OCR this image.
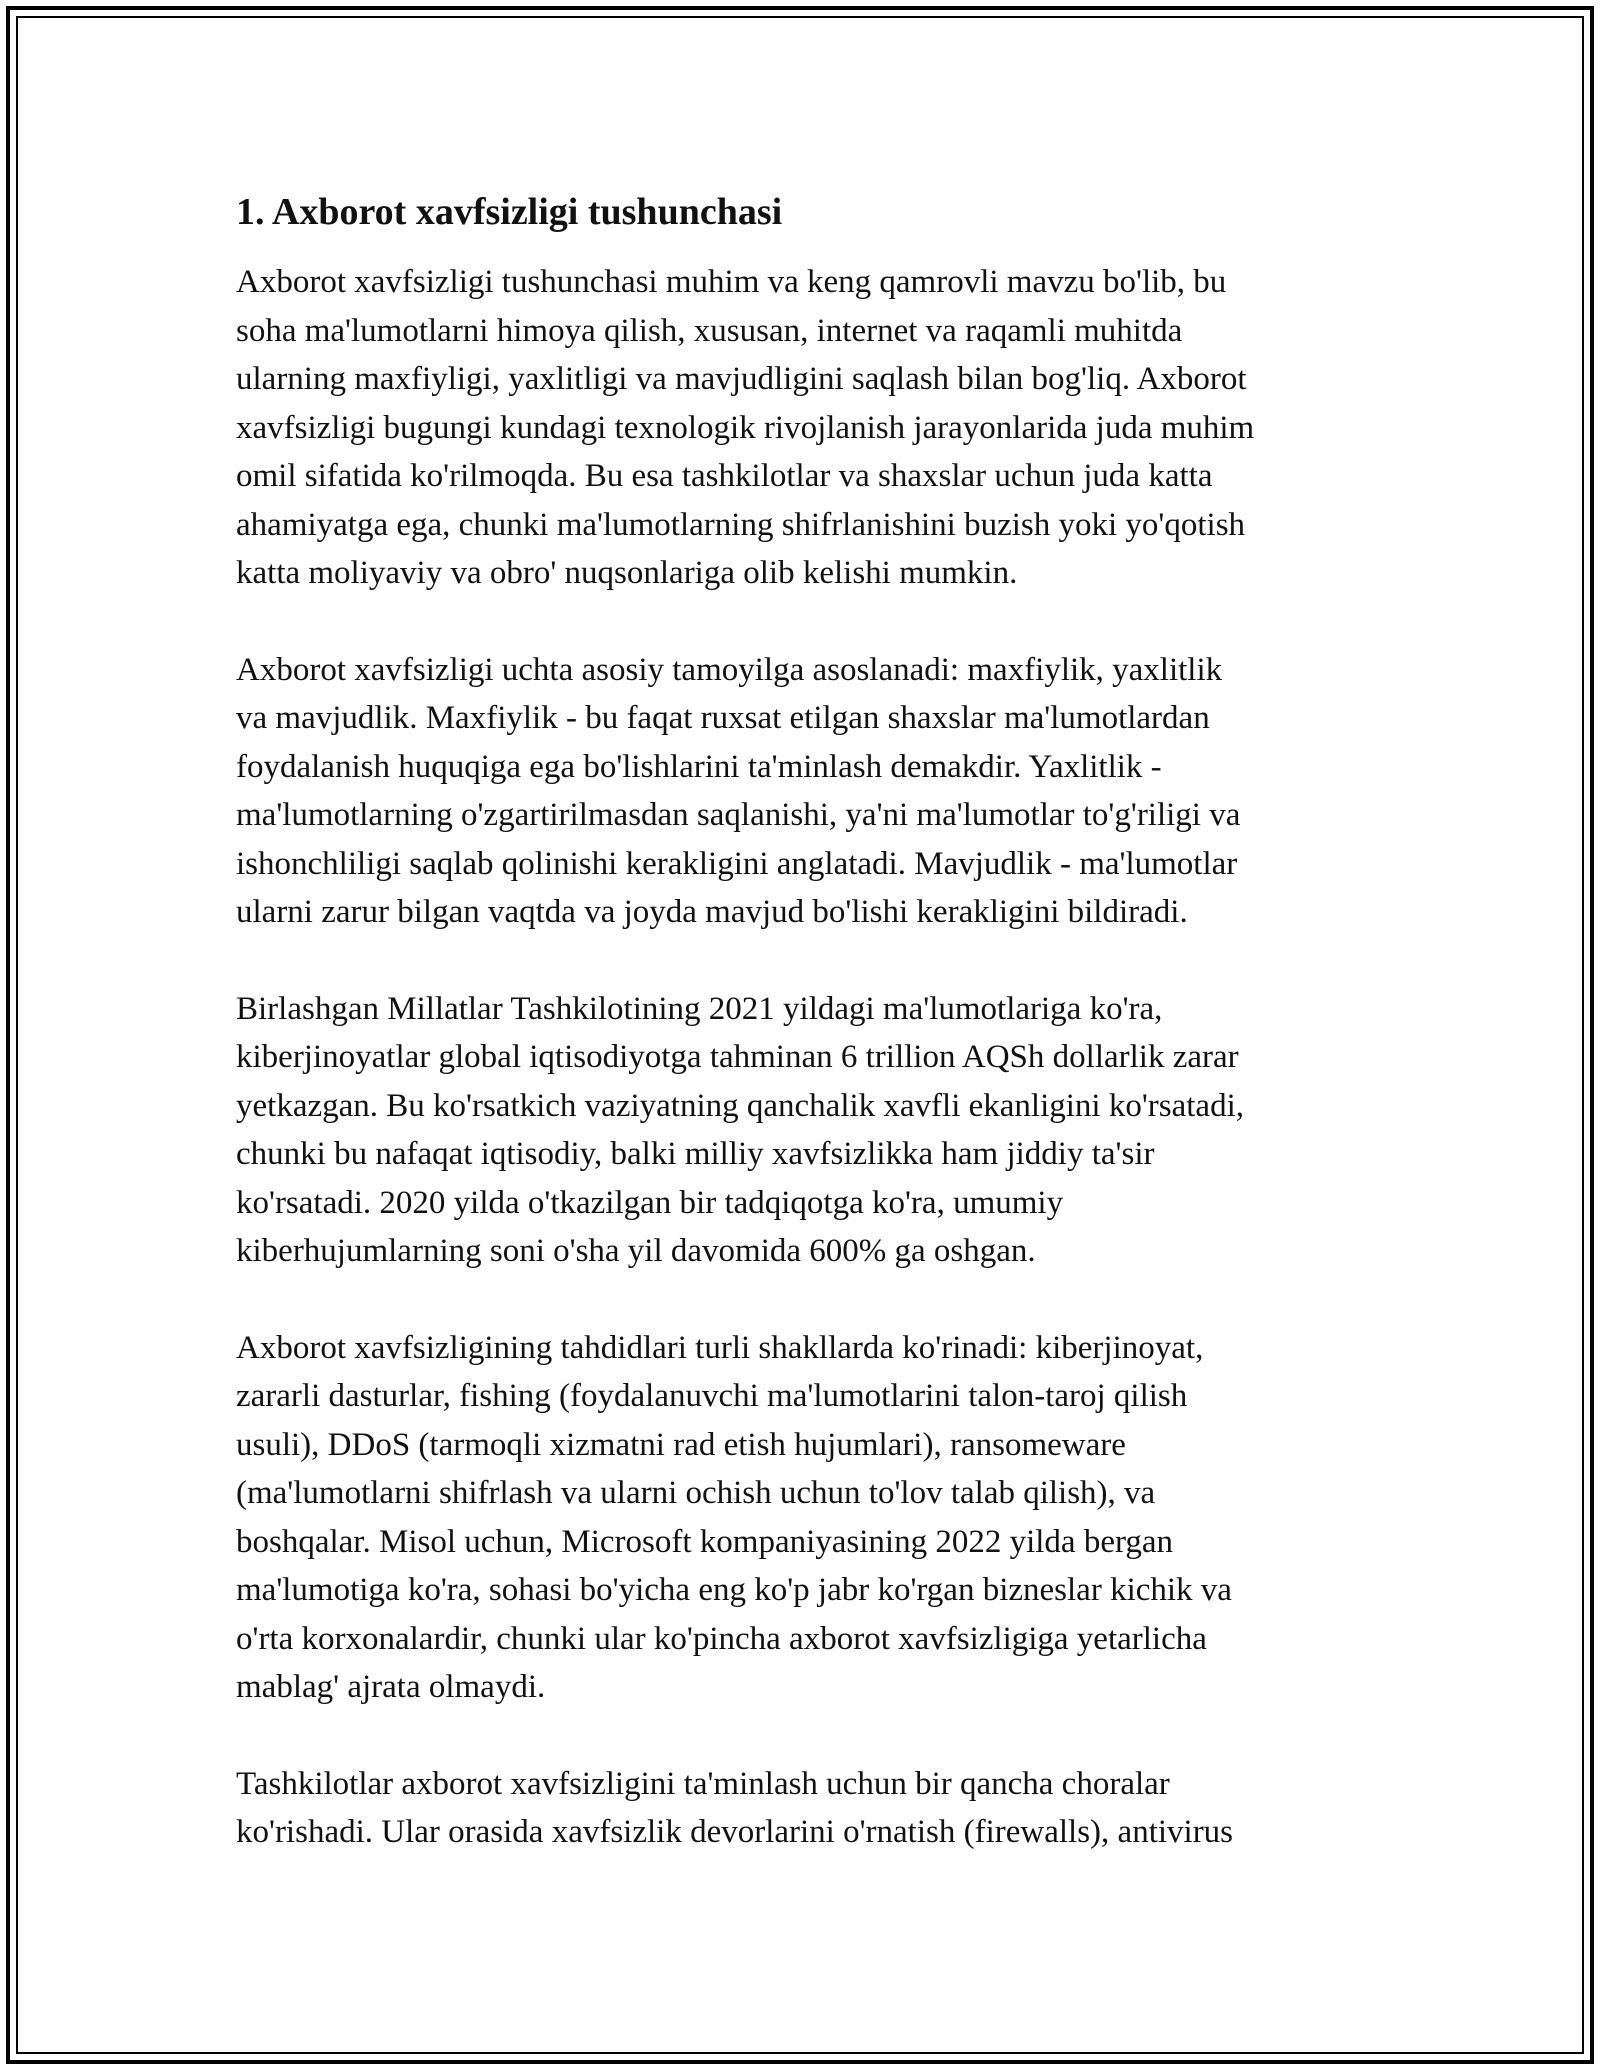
1. Axborot xavfsizligi tushunchasi
Axborot xavfsizligi tushunchasi muhim va keng qamrovli mavzu bo'lib, bu
soha ma'lumotlarni himoya qilish, xususan, internet va raqamli muhitda
ularning maxfiyligi, yaxlitligi va mavjudligini saqlash bilan bog'liq. Axborot
xavfsizligi bugungi kundagi texnologik rivojlanish jarayonlarida juda muhim
omil sifatida ko'rilmoqda. Bu esa tashkilotlar va shaxslar uchun juda katta
ahamiyatga ega, chunki ma'lumotlarning shifrlanishini buzish yoki yo'qotish
katta moliyaviy va obro' nuqsonlariga olib kelishi mumkin.
Axborot xavfsizligi uchta asosiy tamoyilga asoslanadi: maxfiylik, yaxlitlik
va mavjudlik. Maxfiylik - bu faqat ruxsat etilgan shaxslar ma'lumotlardan
foydalanish huquqiga ega bo'lishlarini ta'minlash demakdir. Yaxlitlik -
ma'lumotlarning o'zgartirilmasdan saqlanishi, ya'ni ma'lumotlar to'g'riligi va
ishonchliligi saqlab qolinishi kerakligini anglatadi. Mavjudlik - ma'lumotlar
ularni zarur bilgan vaqtda va joyda mavjud bo'lishi kerakligini bildiradi.
Birlashgan Millatlar Tashkilotining 2021 yildagi ma'lumotlariga ko'ra,
kiberjinoyatlar global iqtisodiyotga tahminan 6 trillion AQSh dollarlik zarar
yetkazgan. Bu ko'rsatkich vaziyatning qanchalik xavfli ekanligini ko'rsatadi,
chunki bu nafaqat iqtisodiy, balki milliy xavfsizlikka ham jiddiy ta'sir
ko'rsatadi. 2020 yilda o'tkazilgan bir tadqiqotga ko'ra, umumiy
kiberhujumlarning soni o'sha yil davomida 600% ga oshgan.
Axborot xavfsizligining tahdidlari turli shakllarda ko'rinadi: kiberjinoyat,
zararli dasturlar, fishing (foydalanuvchi ma'lumotlarini talon-taroj qilish
usuli), DDoS (tarmoqli xizmatni rad etish hujumlari), ransomeware
(ma'lumotlarni shifrlash va ularni ochish uchun to'lov talab qilish), va
boshqalar. Misol uchun, Microsoft kompaniyasining 2022 yilda bergan
ma'lumotiga ko'ra, sohasi bo'yicha eng ko'p jabr ko'rgan bizneslar kichik va
o'rta korxonalardir, chunki ular ko'pincha axborot xavfsizligiga yetarlicha
mablag' ajrata olmaydi.
Tashkilotlar axborot xavfsizligini ta'minlash uchun bir qancha choralar
ko'rishadi. Ular orasida xavfsizlik devorlarini o'rnatish (firewalls), antivirus
